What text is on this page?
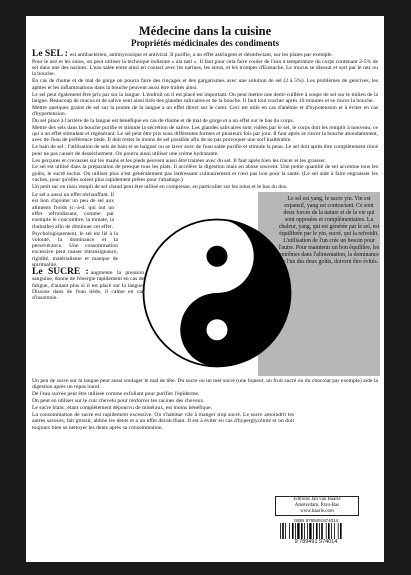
Médecine dans la cuisine
Propriétés médicinales des condiments
Le SEL : est antibactérien, antimycosique et antiviral. Il purifie, a un effet astringent et désinfectant, sur les plaies par exemple.
Pour le nez et les sinus, on peut utiliser la technique indienne « ala neti ». Il faut pour cela faire couler de l'eau à température du corps contenant 2-5% de sel dans une des narines. L'eau salée entre ainsi en contact avec les narines, les sinus, et les trompes d'Eustache. Le mucus se dissout et sort par le nez ou la bouche.
En cas de rhume et de mal de gorge on pourra faire des rinçages et des gargarismes avec une solution de sel (2 à 5%). Les problèmes de gencives, les aphtes et les inflammations dans la bouche peuvent aussi être traités ainsi.
Le sel peut également être pris par sur la langue. L'endroit où il est placé est important. On peut mettre une demi-cuillère à soupe de sel sur le milieu de la langue. Beaucoup de mucus et de salive sont ainsi tirés des glandes salivaires et de la bouche. Il faut tout cracher après 10 minutes et se rincer la bouche.
Mettre quelques grains de sel sur la pointe de la langue a un effet direct sur le cœur. Ceci est utile en cas d'anémie et d'hypotension et à éviter en cas d'hypertension.
Du sel placé à l'arrière de la langue est bénéfique en cas de rhume et de mal de gorge et a un effet sur le bas du corps.
Mettre des sels dans la bouche purifie et stimule la sécrétion de salive. Les glandes salivaires sont vidées par le sel, le corps doit les remplir à nouveau, ce qui a un effet stimulant et régénérant. Le sel peut être pris sous différentes formes et plusieurs fois par jour. Il faut après se rincer la bouche abondamment, avec de l'eau de préférence tiède. Il doit rester le moins de sel possible afin de ne pas provoquer une soif inaltérable.
Le bain de sel : l'utilisation de sels de bain et se baigner ou se laver avec de l'eau salée purifie et stimule la peau. Le sel doit après être complètement rincé pour ne pas causer de dessèchement. On pourra aussi utiliser une crème hydratante.
Les gerçures et crevasses sur les mains et les pieds peuvent aussi être traitées avec du sel. Il faut après bien les rincer et les graisser.
Le sel est utilisé dans la préparation de presque tous les plats. Il accélère la digestion mais en abuse souvent. Une petite quantité de sel accentue tous les goûts, le sucré inclus. On utiliser plus n'est généralement pas intéressant culinairement et n'est pas bon pour la santé. (Le sel aide à faire engraisser les vaches, pour qu'elles soient plus rapidement prêtes pour l'abattage.)
Un petit sac en tissu rempli de sel chaud peut être utilisé en compresse, en particulier sur les reins et le bas du dos.
Le sel a aussi un effet réchauffant. Il est bon d'ajouter un peu de sel aux aliments froids (c.-à-d. qui ont un effet refroidissant, comme par exemple le concombre, la tomate, la rhubarbe) afin de diminuer cet effet.
Psychologiquement, le sel est lié à la volonté, la dominance et la persévérance. Une consommation excessive peut causer intransigeance, rigidité, matérialisme et manque de spiritualité.
Le SUCRE : augmente la pression sanguine, donne de l'énergie rapidement en cas de fatigue, d'autant plus si il est placé sur la langue. Dissous dans de l'eau tiède, il calme en cas d'insomnie.
Le sel est yang, le sucre yin. Yin est expansif, yang est contractant. Ce sont deux forces de la nature et de la vie qui sont opposées et complémentaires. La chaleur, yang, qui est générée par le sel, est équilibrée par le yin, sucré, qui la refroidit. L'utilisation de l'un crée un besoin pour l'autre. Pour maintenir un bon équilibre, les extrêmes dans l'alimentation, la dominance de l'un des deux goûts, doivent être évités.
Un peu de sucre sur la langue peut aussi soulager le mal de tête. Du sucre ou un met sucré (une liqueur, un fruit sucré ou du chocolat par exemple) aide la digestion après un repas lourd.
De l'eau sucrée peut être utilisée comme exfoliant pour purifier l'épiderme.
On peut en utiliser sur le cuir chevelu pour renforcer les racines des cheveux.
Le sucre blanc, étant complètement dépourvu de minéraux, est moins bénéfique.
La consommation de sucre est rapidement excessive. On s'habitue vite à manger trop sucré. Le sucre amoindrit les autres saveurs, fait grossir, abîme les dents et a un effet décalcifiant. Il est à éviter en cas d'hyperglycémie et on doit toujours bien se nettoyer les dents après sa consommation.
Editions Jan van Baarle
Amsterdam, Pays-Bas
www.baarle.com
ISBN 9789491974014
9 789491 974014
